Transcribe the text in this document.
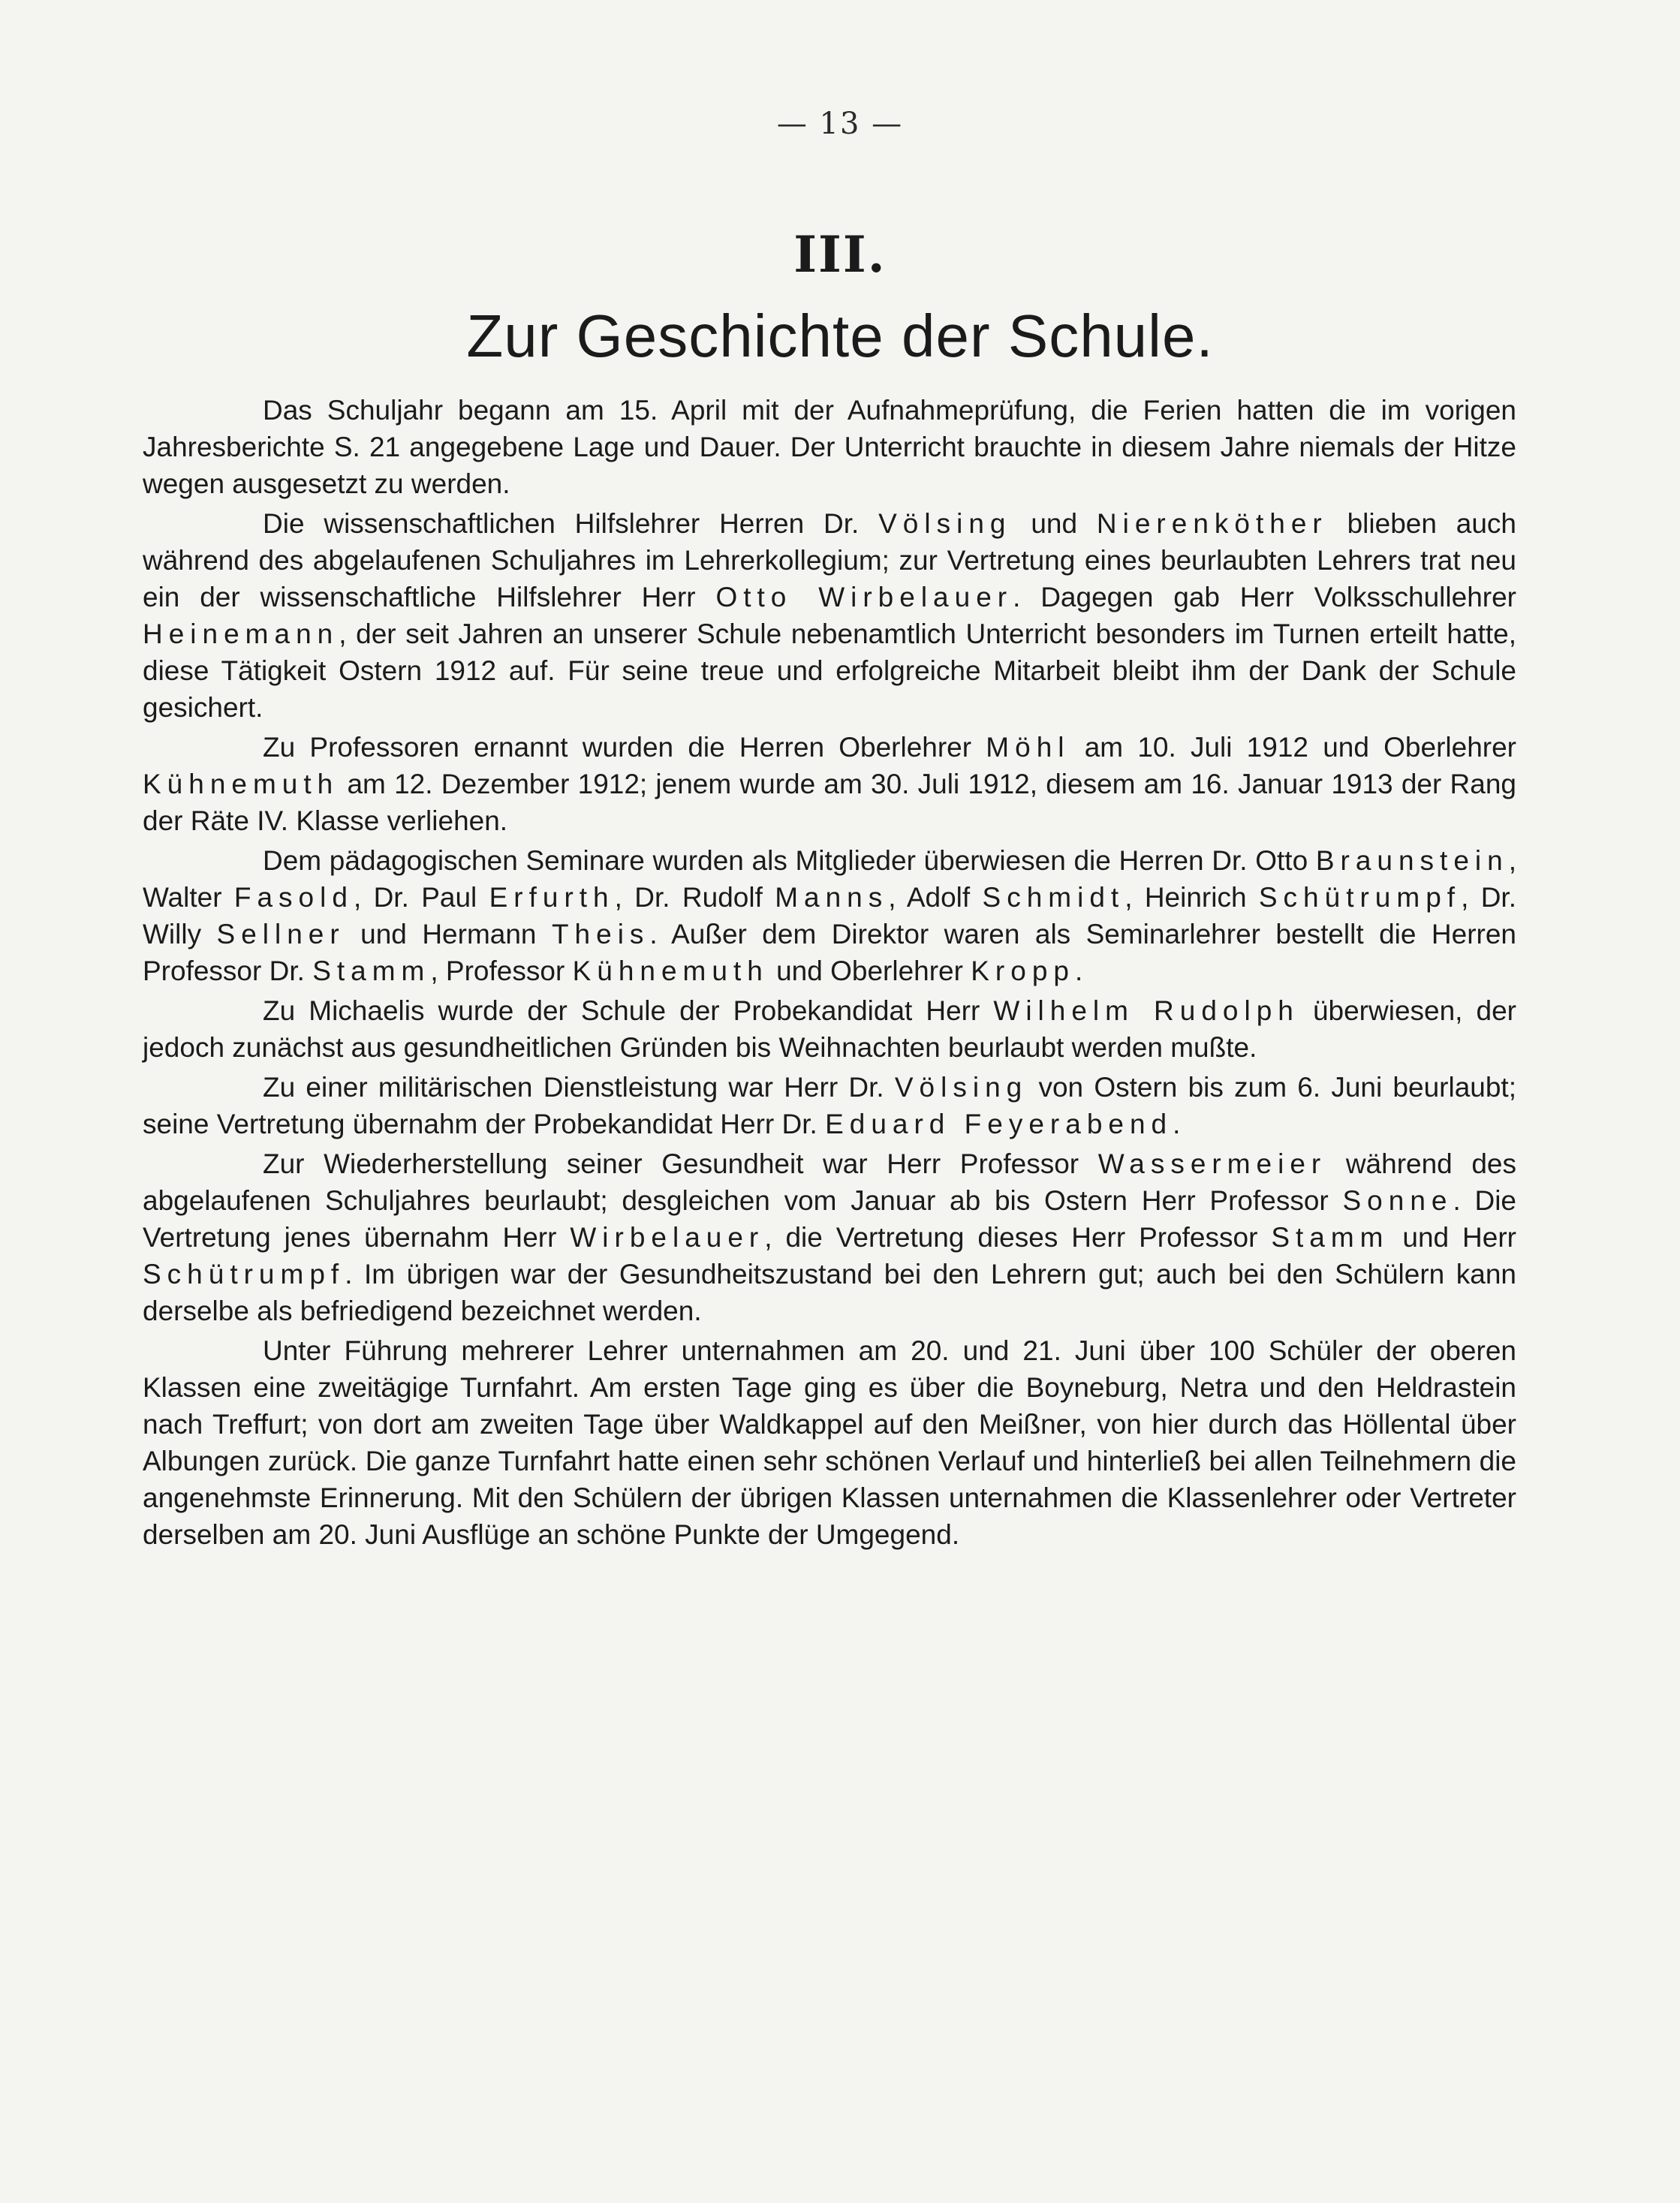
— 13 —
III.
Zur Geschichte der Schule.

Das Schuljahr begann am 15. April mit der Aufnahmeprüfung, die Ferien hatten die im vorigen Jahresberichte S. 21 angegebene Lage und Dauer. Der Unterricht brauchte in diesem Jahre niemals der Hitze wegen ausgesetzt zu werden.

Die wissenschaftlichen Hilfslehrer Herren Dr. Völsing und Nierenköther blieben auch während des abgelaufenen Schuljahres im Lehrerkollegium; zur Vertretung eines beurlaubten Lehrers trat neu ein der wissenschaftliche Hilfslehrer Herr Otto Wirbelauer. Dagegen gab Herr Volksschullehrer Heinemann, der seit Jahren an unserer Schule nebenamtlich Unterricht besonders im Turnen erteilt hatte, diese Tätigkeit Ostern 1912 auf. Für seine treue und erfolgreiche Mitarbeit bleibt ihm der Dank der Schule gesichert.

Zu Professoren ernannt wurden die Herren Oberlehrer Möhl am 10. Juli 1912 und Oberlehrer Kühnemuth am 12. Dezember 1912; jenem wurde am 30. Juli 1912, diesem am 16. Januar 1913 der Rang der Räte IV. Klasse verliehen.

Dem pädagogischen Seminare wurden als Mitglieder überwiesen die Herren Dr. Otto Braunstein, Walter Fasold, Dr. Paul Erfurth, Dr. Rudolf Manns, Adolf Schmidt, Heinrich Schütrumpf, Dr. Willy Sellner und Hermann Theis. Außer dem Direktor waren als Seminarlehrer bestellt die Herren Professor Dr. Stamm, Professor Kühnemuth und Oberlehrer Kropp.

Zu Michaelis wurde der Schule der Probekandidat Herr Wilhelm Rudolph überwiesen, der jedoch zunächst aus gesundheitlichen Gründen bis Weihnachten beurlaubt werden mußte.

Zu einer militärischen Dienstleistung war Herr Dr. Völsing von Ostern bis zum 6. Juni beurlaubt; seine Vertretung übernahm der Probekandidat Herr Dr. Eduard Feyerabend.

Zur Wiederherstellung seiner Gesundheit war Herr Professor Wassermeier während des abgelaufenen Schuljahres beurlaubt; desgleichen vom Januar ab bis Ostern Herr Professor Sonne. Die Vertretung jenes übernahm Herr Wirbelauer, die Vertretung dieses Herr Professor Stamm und Herr Schütrumpf. Im übrigen war der Gesundheitszustand bei den Lehrern gut; auch bei den Schülern kann derselbe als befriedigend bezeichnet werden.

Unter Führung mehrerer Lehrer unternahmen am 20. und 21. Juni über 100 Schüler der oberen Klassen eine zweitägige Turnfahrt. Am ersten Tage ging es über die Boyneburg, Netra und den Heldrastein nach Treffurt; von dort am zweiten Tage über Waldkappel auf den Meißner, von hier durch das Höllental über Albungen zurück. Die ganze Turnfahrt hatte einen sehr schönen Verlauf und hinterließ bei allen Teilnehmern die angenehmste Erinnerung. Mit den Schülern der übrigen Klassen unternahmen die Klassenlehrer oder Vertreter derselben am 20. Juni Ausflüge an schöne Punkte der Umgegend.
